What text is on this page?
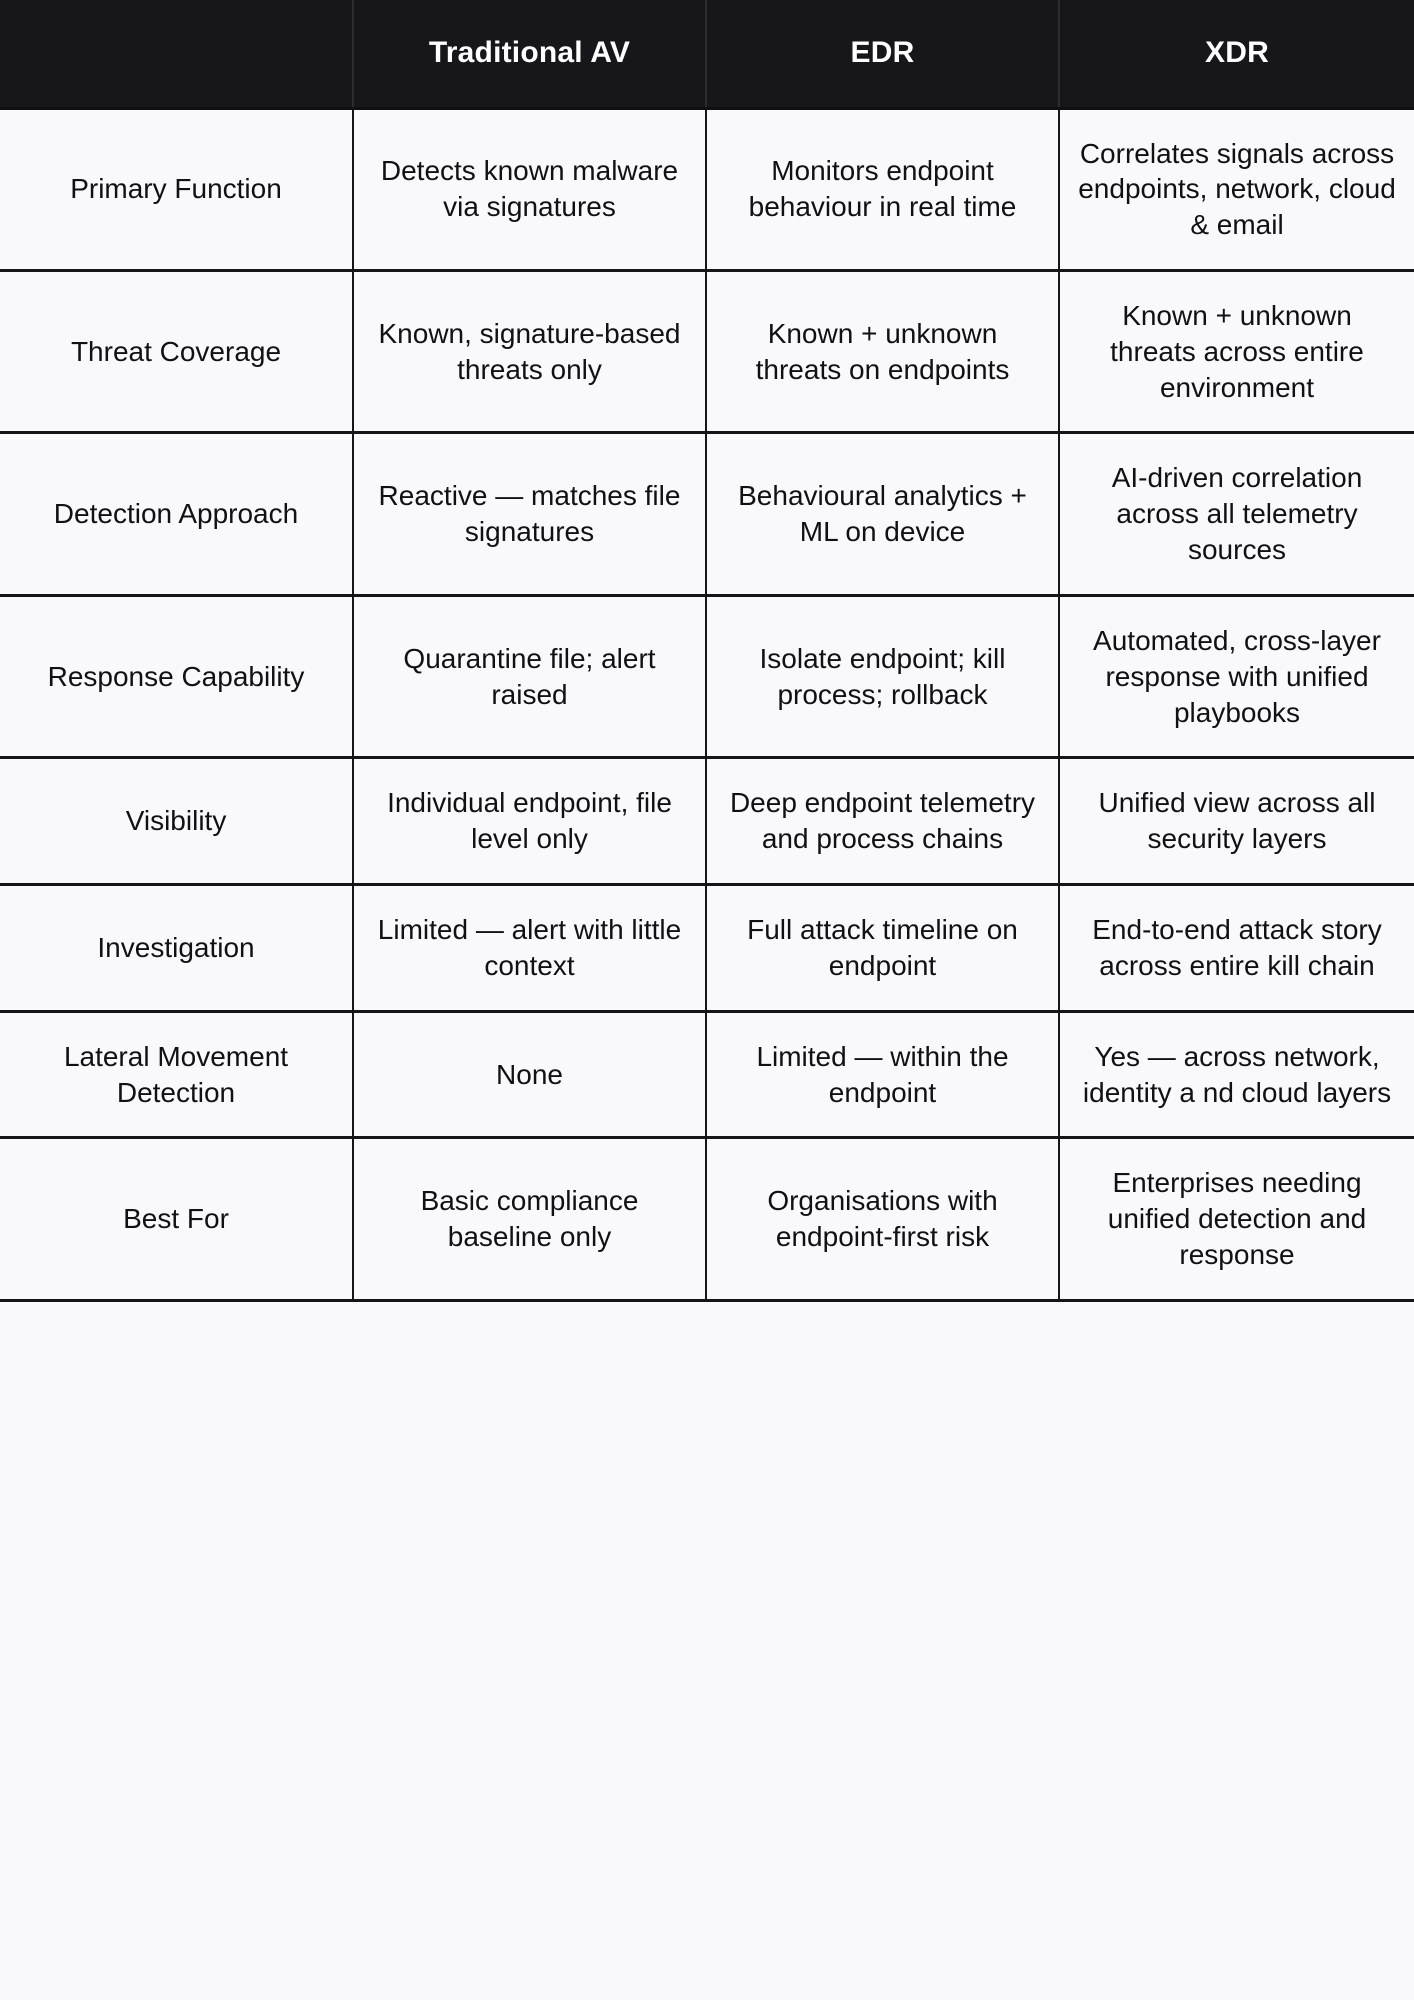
	Traditional AV	EDR	XDR

Primary Function	Detects known malware via signatures	Monitors endpoint behaviour in real time	Correlates signals across endpoints, network, cloud & email

Threat Coverage	Known, signature-based threats only	Known + unknown threats on endpoints	Known + unknown threats across entire environment

Detection Approach	Reactive — matches file signatures	Behavioural analytics + ML on device	AI-driven correlation across all telemetry sources

Response Capability	Quarantine file; alert raised	Isolate endpoint; kill process; rollback	Automated, cross-layer response with unified playbooks

Visibility	Individual endpoint, file level only	Deep endpoint telemetry and process chains	Unified view across all security layers

Investigation	Limited — alert with little context	Full attack timeline on endpoint	End-to-end attack story across entire kill chain

Lateral Movement Detection	None	Limited — within the endpoint	Yes — across network, identity a nd cloud layers

Best For	Basic compliance baseline only	Organisations with endpoint-first risk	Enterprises needing unified detection and response
